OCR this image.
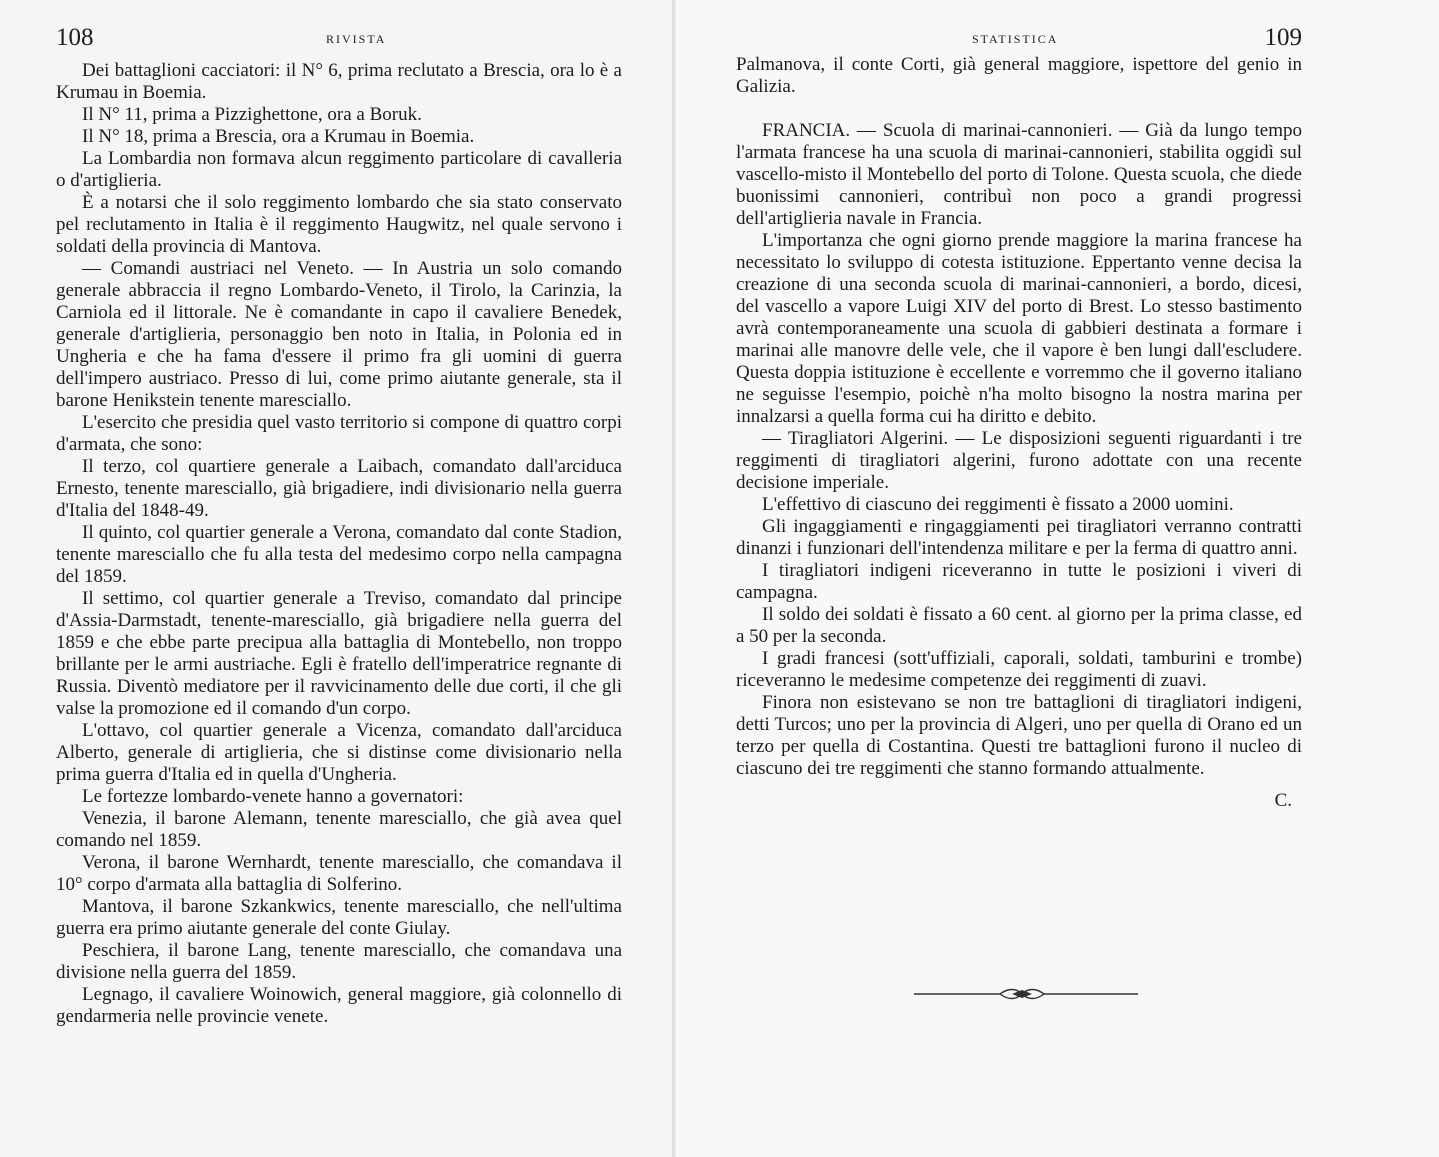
108	RIVISTA

Dei battaglioni cacciatori: il N° 6, prima reclutato a Brescia, ora lo è a Krumau in Boemia.

Il N° 11, prima a Pizzighettone, ora a Boruk.

Il N° 18, prima a Brescia, ora a Krumau in Boemia.

La Lombardia non formava alcun reggimento particolare di cavalleria o d'artiglieria.

È a notarsi che il solo reggimento lombardo che sia stato conservato pel reclutamento in Italia è il reggimento Haugwitz, nel quale servono i soldati della provincia di Mantova.

— Comandi austriaci nel Veneto. — In Austria un solo comando generale abbraccia il regno Lombardo-Veneto, il Tirolo, la Carinzia, la Carniola ed il littorale. Ne è comandante in capo il cavaliere Benedek, generale d'artiglieria, personaggio ben noto in Italia, in Polonia ed in Ungheria e che ha fama d'essere il primo fra gli uomini di guerra dell'impero austriaco. Presso di lui, come primo aiutante generale, sta il barone Henikstein tenente maresciallo.

L'esercito che presidia quel vasto territorio si compone di quattro corpi d'armata, che sono:

Il terzo, col quartiere generale a Laibach, comandato dall'arciduca Ernesto, tenente maresciallo, già brigadiere, indi divisionario nella guerra d'Italia del 1848-49.

Il quinto, col quartier generale a Verona, comandato dal conte Stadion, tenente maresciallo che fu alla testa del medesimo corpo nella campagna del 1859.

Il settimo, col quartier generale a Treviso, comandato dal principe d'Assia-Darmstadt, tenente-maresciallo, già brigadiere nella guerra del 1859 e che ebbe parte precipua alla battaglia di Montebello, non troppo brillante per le armi austriache. Egli è fratello dell'imperatrice regnante di Russia. Diventò mediatore per il ravvicinamento delle due corti, il che gli valse la promozione ed il comando d'un corpo.

L'ottavo, col quartier generale a Vicenza, comandato dall'arciduca Alberto, generale di artiglieria, che si distinse come divisionario nella prima guerra d'Italia ed in quella d'Ungheria.

Le fortezze lombardo-venete hanno a governatori:

Venezia, il barone Alemann, tenente maresciallo, che già avea quel comando nel 1859.

Verona, il barone Wernhardt, tenente maresciallo, che comandava il 10° corpo d'armata alla battaglia di Solferino.

Mantova, il barone Szkankwics, tenente maresciallo, che nell'ultima guerra era primo aiutante generale del conte Giulay.

Peschiera, il barone Lang, tenente maresciallo, che comandava una divisione nella guerra del 1859.

Legnago, il cavaliere Woinowich, general maggiore, già colonnello di gendarmeria nelle provincie venete.

STATISTICA	109

Palmanova, il conte Corti, già general maggiore, ispettore del genio in Galizia.

FRANCIA. — Scuola di marinai-cannonieri. — Già da lungo tempo l'armata francese ha una scuola di marinai-cannonieri, stabilita oggidì sul vascello-misto il Montebello del porto di Tolone. Questa scuola, che diede buonissimi cannonieri, contribuì non poco a grandi progressi dell'artiglieria navale in Francia.

L'importanza che ogni giorno prende maggiore la marina francese ha necessitato lo sviluppo di cotesta istituzione. Eppertanto venne decisa la creazione di una seconda scuola di marinai-cannonieri, a bordo, dicesi, del vascello a vapore Luigi XIV del porto di Brest. Lo stesso bastimento avrà contemporaneamente una scuola di gabbieri destinata a formare i marinai alle manovre delle vele, che il vapore è ben lungi dall'escludere. Questa doppia istituzione è eccellente e vorremmo che il governo italiano ne seguisse l'esempio, poichè n'ha molto bisogno la nostra marina per innalzarsi a quella forma cui ha diritto e debito.

— Tiragliatori Algerini. — Le disposizioni seguenti riguardanti i tre reggimenti di tiragliatori algerini, furono adottate con una recente decisione imperiale.

L'effettivo di ciascuno dei reggimenti è fissato a 2000 uomini.

Gli ingaggiamenti e ringaggiamenti pei tiragliatori verranno contratti dinanzi i funzionari dell'intendenza militare e per la ferma di quattro anni.

I tiragliatori indigeni riceveranno in tutte le posizioni i viveri di campagna.

Il soldo dei soldati è fissato a 60 cent. al giorno per la prima classe, ed a 50 per la seconda.

I gradi francesi (sott'uffiziali, caporali, soldati, tamburini e trombe) riceveranno le medesime competenze dei reggimenti di zuavi.

Finora non esistevano se non tre battaglioni di tiragliatori indigeni, detti Turcos; uno per la provincia di Algeri, uno per quella di Orano ed un terzo per quella di Costantina. Questi tre battaglioni furono il nucleo di ciascuno dei tre reggimenti che stanno formando attualmente.

C.
